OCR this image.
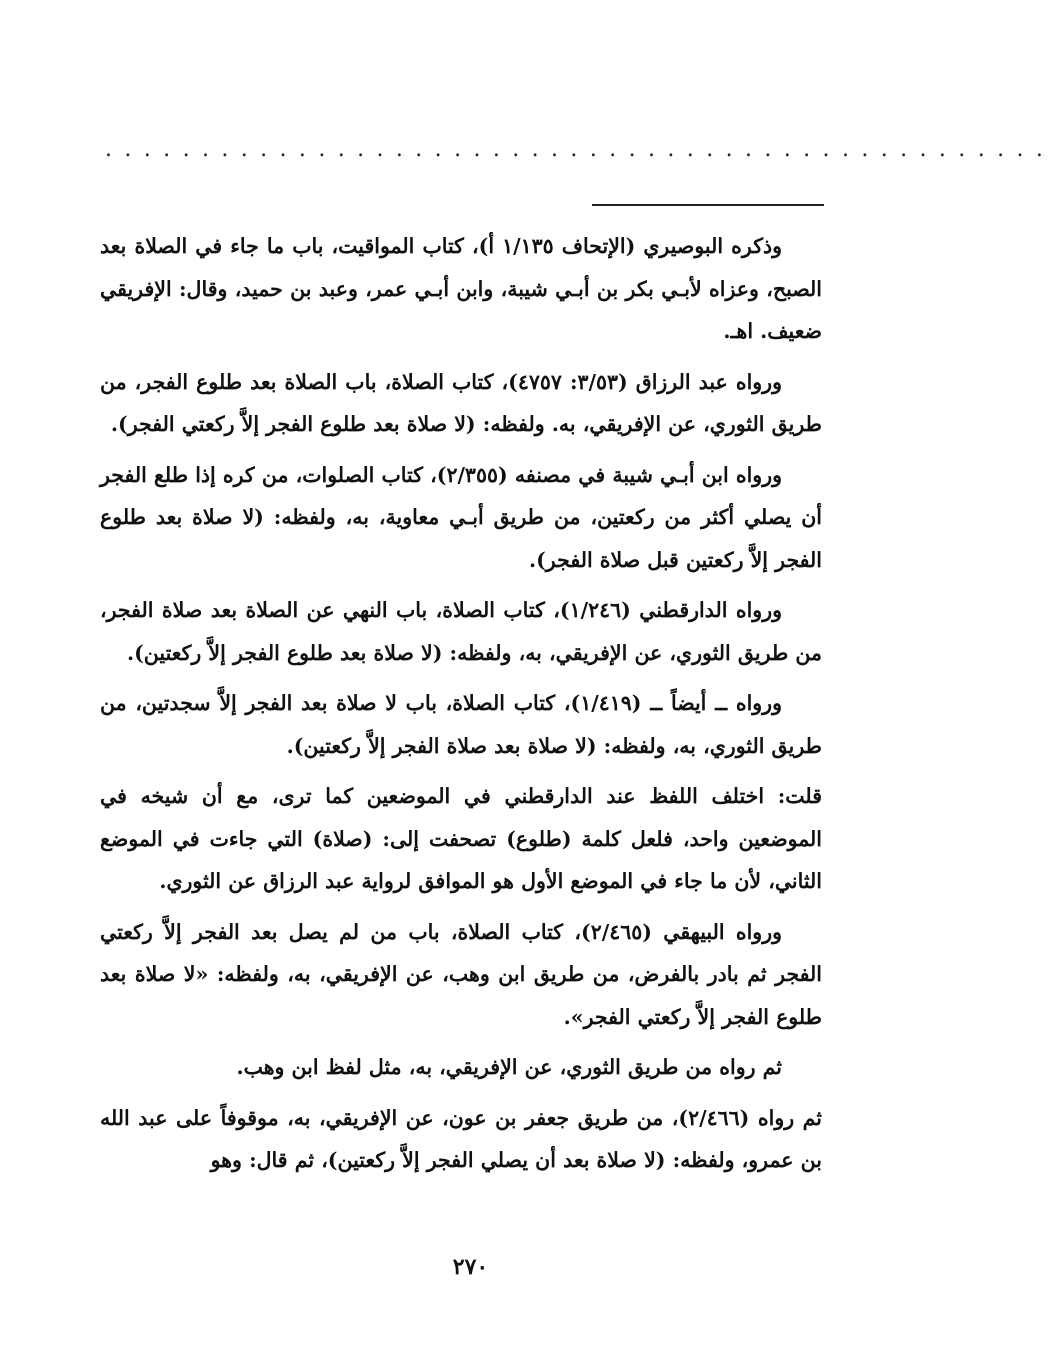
.................................................

وذكره البوصيري (الإتحاف ١/١٣٥ أ)، كتاب المواقيت، باب ما جاء في الصلاة بعد الصبح، وعزاه لأبـي بكر بن أبـي شيبة، وابن أبـي عمر، وعبد بن حميد، وقال: الإفريقي ضعيف. اهـ.

ورواه عبد الرزاق (٣/٥٣: ٤٧٥٧)، كتاب الصلاة، باب الصلاة بعد طلوع الفجر، من طريق الثوري، عن الإفريقي، به. ولفظه: (لا صلاة بعد طلوع الفجر إلاَّ ركعتي الفجر).

ورواه ابن أبـي شيبة في مصنفه (٢/٣٥٥)، كتاب الصلوات، من كره إذا طلع الفجر أن يصلي أكثر من ركعتين، من طريق أبـي معاوية، به، ولفظه: (لا صلاة بعد طلوع الفجر إلاَّ ركعتين قبل صلاة الفجر).

ورواه الدارقطني (١/٢٤٦)، كتاب الصلاة، باب النهي عن الصلاة بعد صلاة الفجر، من طريق الثوري، عن الإفريقي، به، ولفظه: (لا صلاة بعد طلوع الفجر إلاَّ ركعتين).

ورواه ــ أيضاً ــ (١/٤١٩)، كتاب الصلاة، باب لا صلاة بعد الفجر إلاَّ سجدتين، من طريق الثوري، به، ولفظه: (لا صلاة بعد صلاة الفجر إلاَّ ركعتين).

قلت: اختلف اللفظ عند الدارقطني في الموضعين كما ترى، مع أن شيخه في الموضعين واحد، فلعل كلمة (طلوع) تصحفت إلى: (صلاة) التي جاءت في الموضع الثاني، لأن ما جاء في الموضع الأول هو الموافق لرواية عبد الرزاق عن الثوري.

ورواه البيهقي (٢/٤٦٥)، كتاب الصلاة، باب من لم يصل بعد الفجر إلاَّ ركعتي الفجر ثم بادر بالفرض، من طريق ابن وهب، عن الإفريقي، به، ولفظه: «لا صلاة بعد طلوع الفجر إلاَّ ركعتي الفجر».

ثم رواه من طريق الثوري، عن الإفريقي، به، مثل لفظ ابن وهب.

ثم رواه (٢/٤٦٦)، من طريق جعفر بن عون، عن الإفريقي، به، موقوفاً على عبد الله بن عمرو، ولفظه: (لا صلاة بعد أن يصلي الفجر إلاَّ ركعتين)، ثم قال: وهو

٢٧٠
